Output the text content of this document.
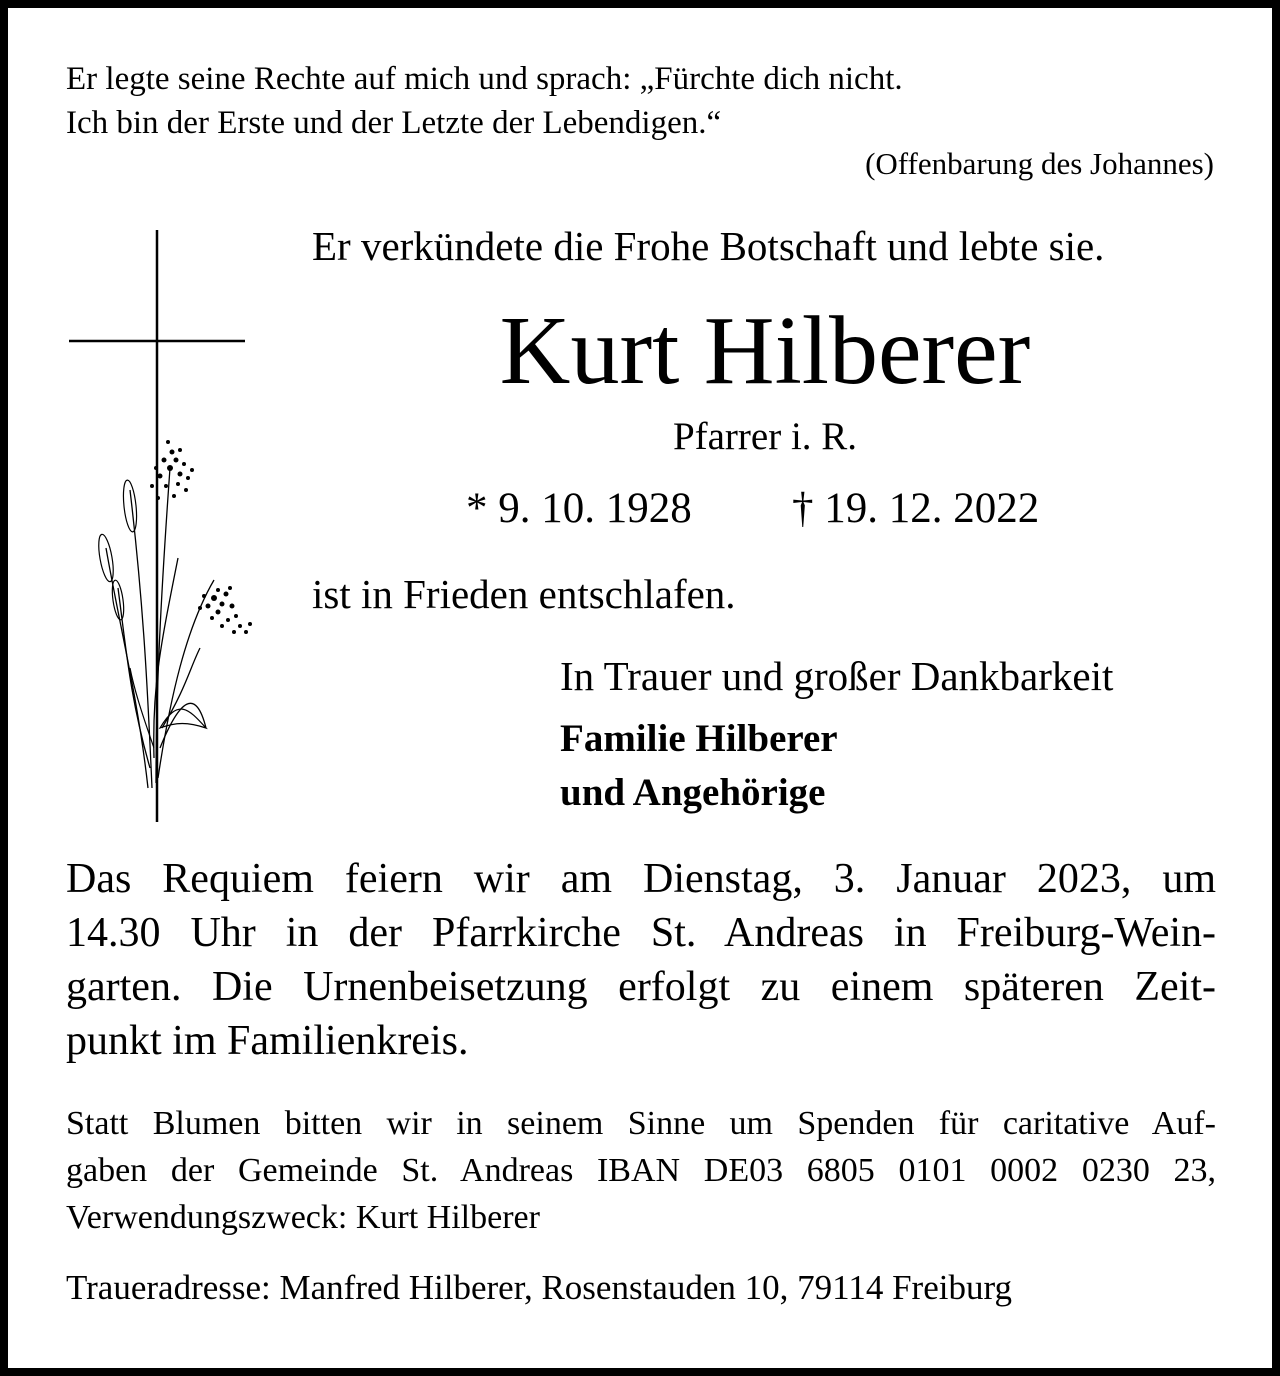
Er legte seine Rechte auf mich und sprach: „Fürchte dich nicht.
Ich bin der Erste und der Letzte der Lebendigen.“
(Offenbarung des Johannes)
Er verkündete die Frohe Botschaft und lebte sie.
Kurt Hilberer
Pfarrer i. R.
* 9. 10. 1928 † 19. 12. 2022
ist in Frieden entschlafen.
In Trauer und großer Dankbarkeit
Familie Hilberer
und Angehörige
Das Requiem feiern wir am Dienstag, 3. Januar 2023, um
14.30 Uhr in der Pfarrkirche St. Andreas in Freiburg-Wein-
garten. Die Urnenbeisetzung erfolgt zu einem späteren Zeit-
punkt im Familienkreis.
Statt Blumen bitten wir in seinem Sinne um Spenden für caritative Auf-
gaben der Gemeinde St. Andreas IBAN DE03 6805 0101 0002 0230 23,
Verwendungszweck: Kurt Hilberer
Traueradresse: Manfred Hilberer, Rosenstauden 10, 79114 Freiburg
